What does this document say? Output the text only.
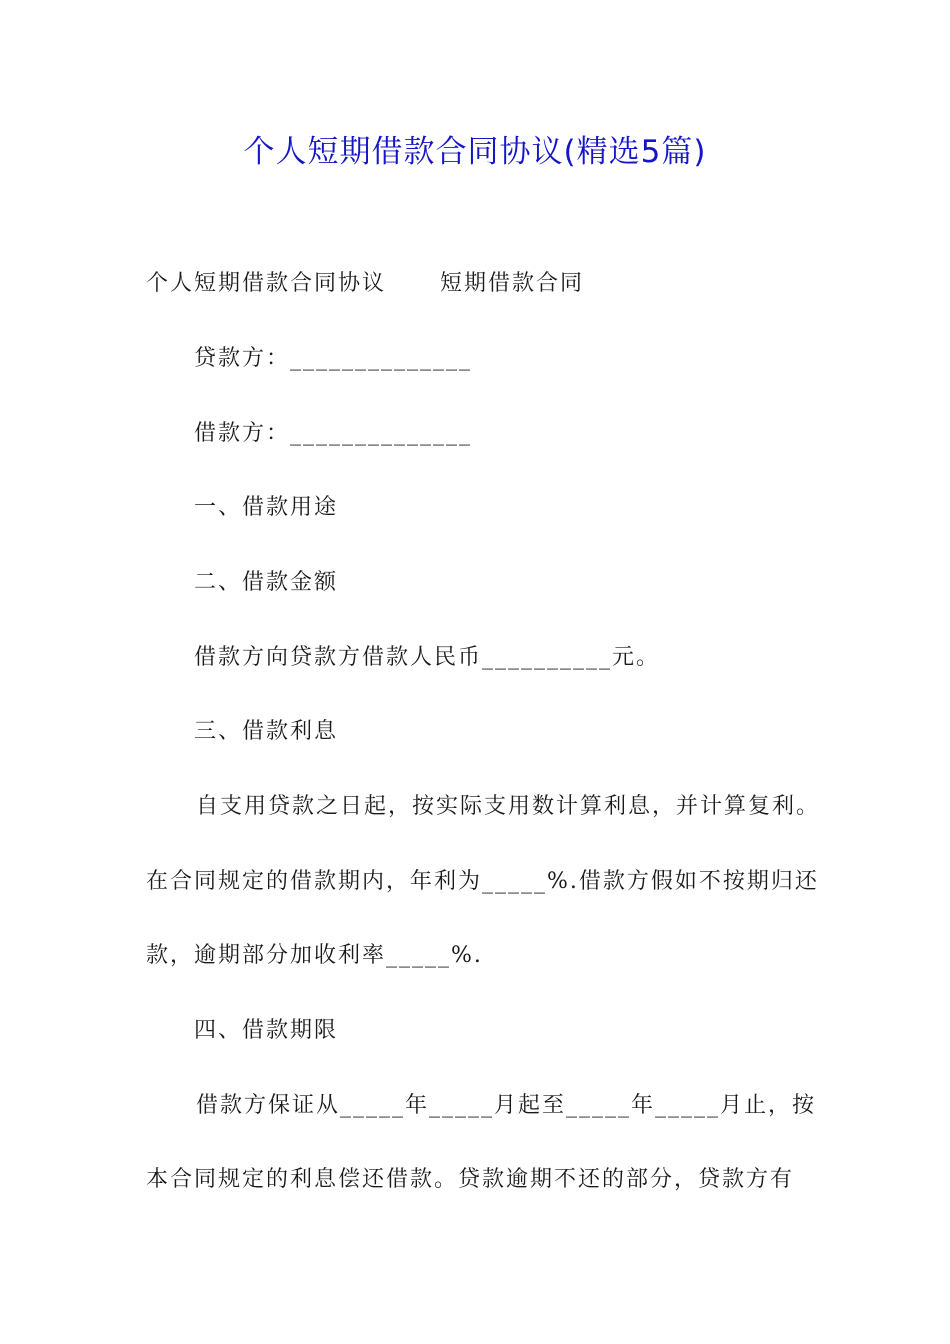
个人短期借款合同协议(精选5篇)
个人短期借款合同协议      短期借款合同
贷款方：______________
借款方：______________
一、借款用途
二、借款金额
借款方向贷款方借款人民币__________元。
三、借款利息
自支用贷款之日起，按实际支用数计算利息，并计算复利。
在合同规定的借款期内，年利为_____%.借款方假如不按期归还
款，逾期部分加收利率_____%.
四、借款期限
借款方保证从_____年_____月起至_____年_____月止，按
本合同规定的利息偿还借款。贷款逾期不还的部分，贷款方有
